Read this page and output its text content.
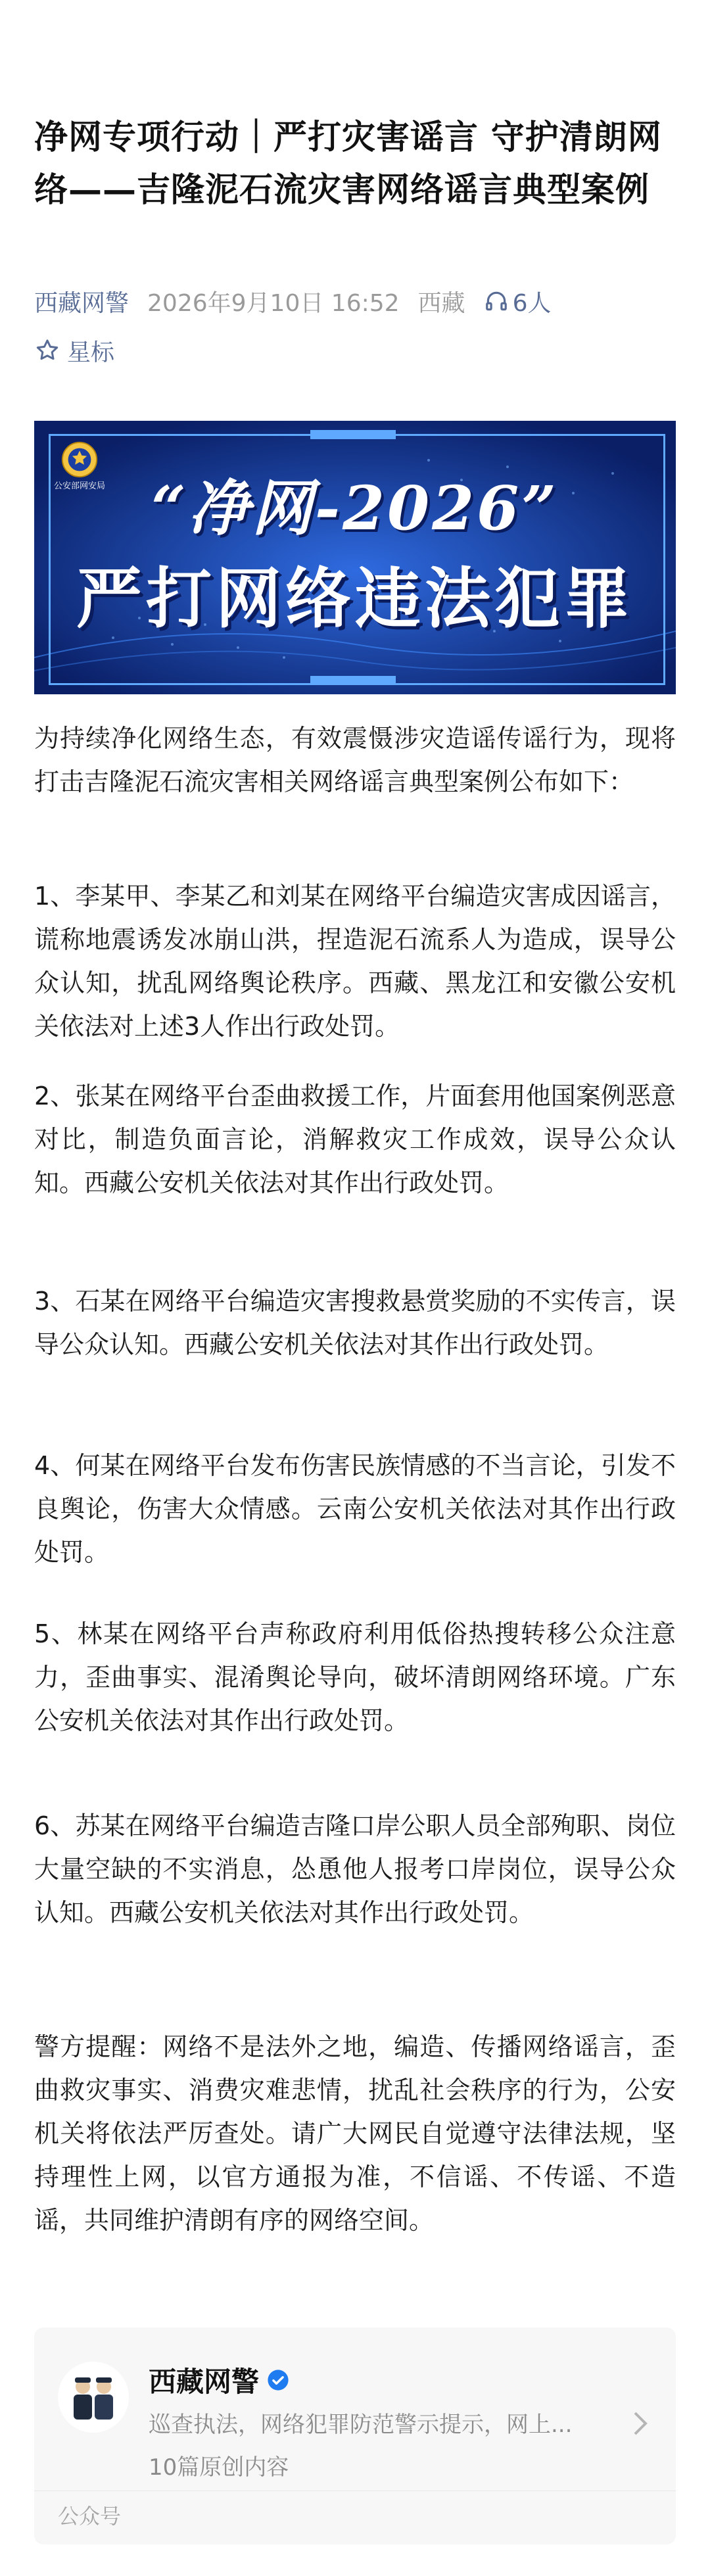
净网专项行动｜严打灾害谣言 守护清朗网络——吉隆泥石流灾害网络谣言典型案例
西藏网警 2026年9月10日 16:52 西藏 6人
星标
公安部网安局 “净网-2026”
严打网络违法犯罪

为持续净化网络生态，有效震慑涉灾造谣传谣行为，现将打击吉隆泥石流灾害相关网络谣言典型案例公布如下：

1、李某甲、李某乙和刘某在网络平台编造灾害成因谣言，谎称地震诱发冰崩山洪，捏造泥石流系人为造成，误导公众认知，扰乱网络舆论秩序。西藏、黑龙江和安徽公安机关依法对上述3人作出行政处罚。

2、张某在网络平台歪曲救援工作，片面套用他国案例恶意对比，制造负面言论，消解救灾工作成效，误导公众认知。西藏公安机关依法对其作出行政处罚。

3、石某在网络平台编造灾害搜救悬赏奖励的不实传言，误导公众认知。西藏公安机关依法对其作出行政处罚。

4、何某在网络平台发布伤害民族情感的不当言论，引发不良舆论，伤害大众情感。云南公安机关依法对其作出行政处罚。

5、林某在网络平台声称政府利用低俗热搜转移公众注意力，歪曲事实、混淆舆论导向，破坏清朗网络环境。广东公安机关依法对其作出行政处罚。

6、苏某在网络平台编造吉隆口岸公职人员全部殉职、岗位大量空缺的不实消息，怂恿他人报考口岸岗位，误导公众认知。西藏公安机关依法对其作出行政处罚。

警方提醒：网络不是法外之地，编造、传播网络谣言，歪曲救灾事实、消费灾难悲情，扰乱社会秩序的行为，公安机关将依法严厉查处。请广大网民自觉遵守法律法规，坚持理性上网，以官方通报为准，不信谣、不传谣、不造谣，共同维护清朗有序的网络空间。

西藏网警
巡查执法，网络犯罪防范警示提示，网上...
10篇原创内容
公众号
